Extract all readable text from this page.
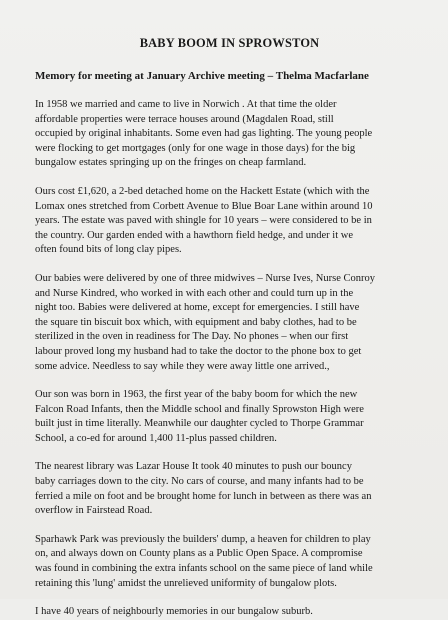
BABY BOOM IN SPROWSTON
Memory for meeting at January Archive meeting – Thelma Macfarlane
In 1958 we married and came to live in Norwich . At that time the older
affordable properties were terrace houses around (Magdalen Road, still
occupied by original inhabitants. Some even had gas lighting. The young people
were flocking to get mortgages (only for one wage in those days) for the big
bungalow estates springing up on the fringes on cheap farmland.
Ours cost £1,620, a 2-bed detached home on the Hackett Estate (which with the
Lomax ones stretched from Corbett Avenue to Blue Boar Lane within around 10
years. The estate was paved with shingle for 10 years – were considered to be in
the country. Our garden ended with a hawthorn field hedge, and under it we
often found bits of long clay pipes.
Our babies were delivered by one of three midwives – Nurse Ives, Nurse Conroy
and Nurse Kindred, who worked in with each other and could turn up in the
night too. Babies were delivered at home, except for emergencies. I still have
the square tin biscuit box which, with equipment and baby clothes, had to be
sterilized in the oven in readiness for The Day. No phones – when our first
labour proved long my husband had to take the doctor to the phone box to get
some advice. Needless to say while they were away little one arrived.,
Our son was born in 1963, the first year of the baby boom for which the new
Falcon Road Infants, then the Middle school and finally Sprowston High were
built just in time literally. Meanwhile our daughter cycled to Thorpe Grammar
School, a co-ed for around 1,400 11-plus passed children.
The nearest library was Lazar House It took 40 minutes to push our bouncy
baby carriages down to the city. No cars of course, and many infants had to be
ferried a mile on foot and be brought home for lunch in between as there was an
overflow in Fairstead Road.
Sparhawk Park was previously the builders' dump, a heaven for children to play
on, and always down on County plans as a Public Open Space. A compromise
was found in combining the extra infants school on the same piece of land while
retaining this 'lung' amidst the unrelieved uniformity of bungalow plots.
I have 40 years of neighbourly memories in our bungalow suburb.
